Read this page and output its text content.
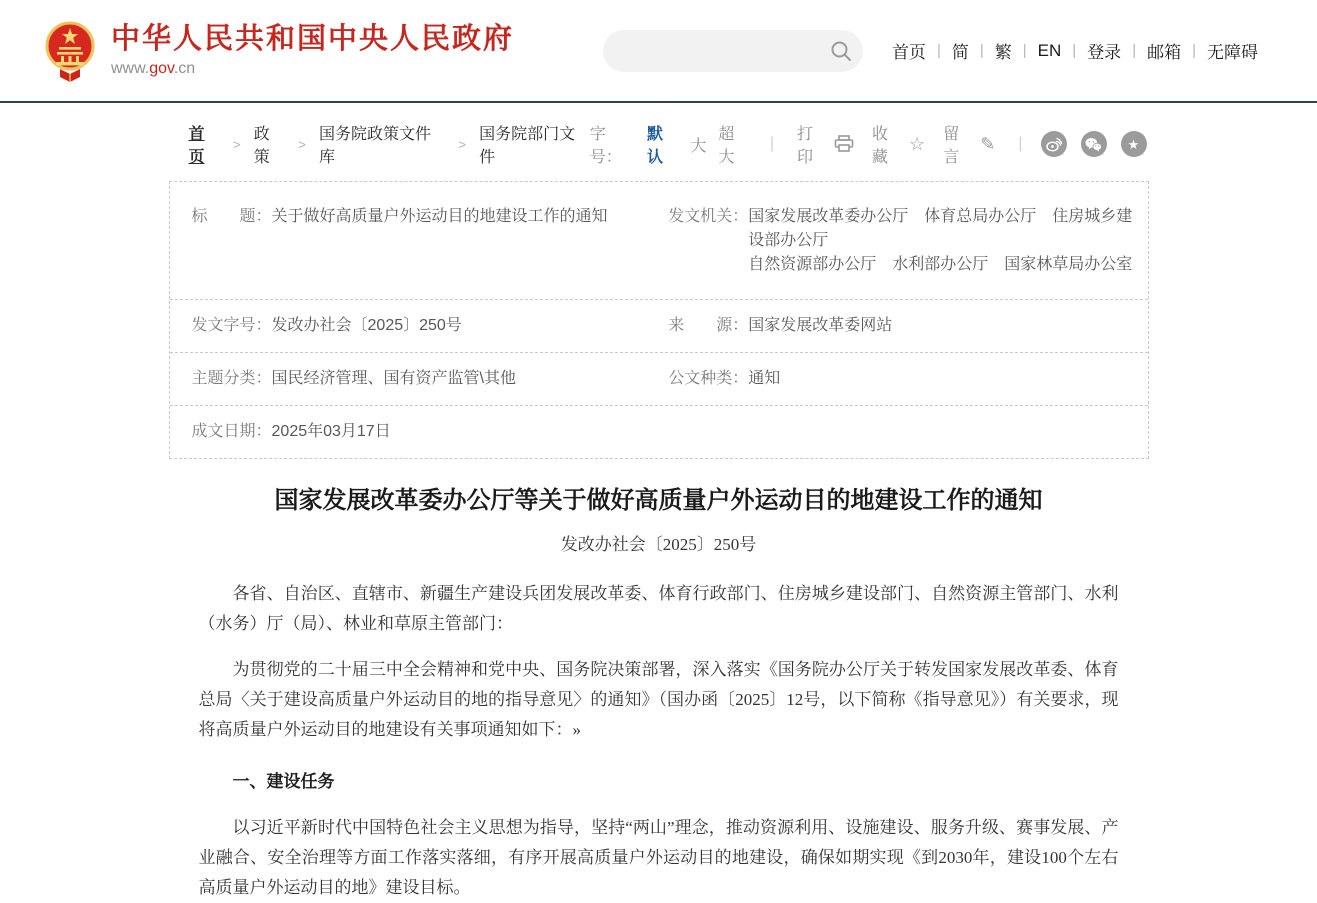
中华人民共和国中央人民政府
www.gov.cn
首页 | 简 | 繁 | EN | 登录 | 邮箱 | 无障碍
首页
>
政策
>
国务院政策文件库
>
国务院部门文件
字号：
默认
大
超大
|
打印
收藏
☆ 留言
✎ |	★
标　　题： 关于做好高质量户外运动目的地建设工作的通知	发文机关： 国家发展改革委办公厅　体育总局办公厅　住房城乡建设部办公厅
自然资源部办公厅　水利部办公厅　国家林草局办公室
发文字号： 发改办社会〔2025〕250号	来　　源： 国家发展改革委网站
主题分类： 国民经济管理、国有资产监管\其他	公文种类： 通知
成文日期： 2025年03月17日
国家发展改革委办公厅等关于做好高质量户外运动目的地建设工作的通知
发改办社会〔2025〕250号

各省、自治区、直辖市、新疆生产建设兵团发展改革委、体育行政部门、住房城乡建设部门、自然资源主管部门、水利（水务）厅（局）、林业和草原主管部门：

为贯彻党的二十届三中全会精神和党中央、国务院决策部署，深入落实《国务院办公厅关于转发国家发展改革委、体育总局〈关于建设高质量户外运动目的地的指导意见〉的通知》（国办函〔2025〕12号，以下简称《指导意见》）有关要求，现将高质量户外运动目的地建设有关事项通知如下：»

一、建设任务

以习近平新时代中国特色社会主义思想为指导，坚持“两山”理念，推动资源利用、设施建设、服务升级、赛事发展、产业融合、安全治理等方面工作落实落细，有序开展高质量户外运动目的地建设，确保如期实现《到2030年，建设100个左右高质量户外运动目的地》建设目标。
